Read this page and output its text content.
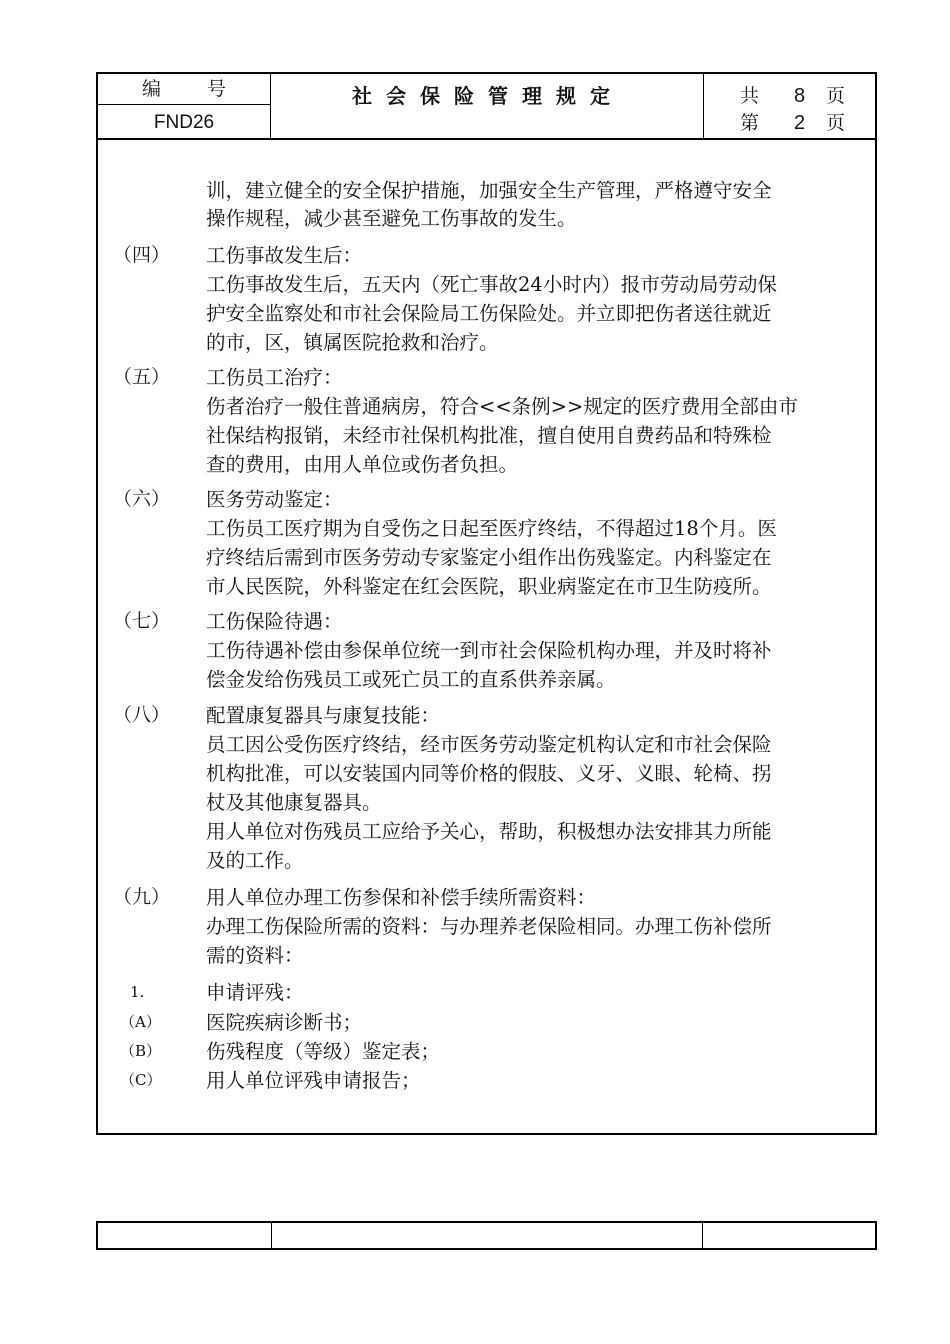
编 号
FND26
社会保险管理规定	共 8 页
第 2 页
训，建立健全的安全保护措施，加强安全生产管理，严格遵守安全
操作规程，减少甚至避免工伤事故的发生。
（四） 工伤事故发生后：
工伤事故发生后，五天内（死亡事故24小时内）报市劳动局劳动保
护安全监察处和市社会保险局工伤保险处。并立即把伤者送往就近
的市，区，镇属医院抢救和治疗。
（五） 工伤员工治疗：
伤者治疗一般住普通病房，符合<<条例>>规定的医疗费用全部由市
社保结构报销，未经市社保机构批准，擅自使用自费药品和特殊检
查的费用，由用人单位或伤者负担。
（六） 医务劳动鉴定：
工伤员工医疗期为自受伤之日起至医疗终结，不得超过18个月。医
疗终结后需到市医务劳动专家鉴定小组作出伤残鉴定。内科鉴定在
市人民医院，外科鉴定在红会医院，职业病鉴定在市卫生防疫所。
（七） 工伤保险待遇：
工伤待遇补偿由参保单位统一到市社会保险机构办理，并及时将补
偿金发给伤残员工或死亡员工的直系供养亲属。
（八） 配置康复器具与康复技能：
员工因公受伤医疗终结，经市医务劳动鉴定机构认定和市社会保险
机构批准，可以安装国内同等价格的假肢、义牙、义眼、轮椅、拐
杖及其他康复器具。
用人单位对伤残员工应给予关心，帮助，积极想办法安排其力所能
及的工作。
（九） 用人单位办理工伤参保和补偿手续所需资料：
办理工伤保险所需的资料：与办理养老保险相同。办理工伤补偿所
需的资料：
1.	申请评残：
（A） 医院疾病诊断书；
（B） 伤残程度（等级）鉴定表；
（C） 用人单位评残申请报告；
